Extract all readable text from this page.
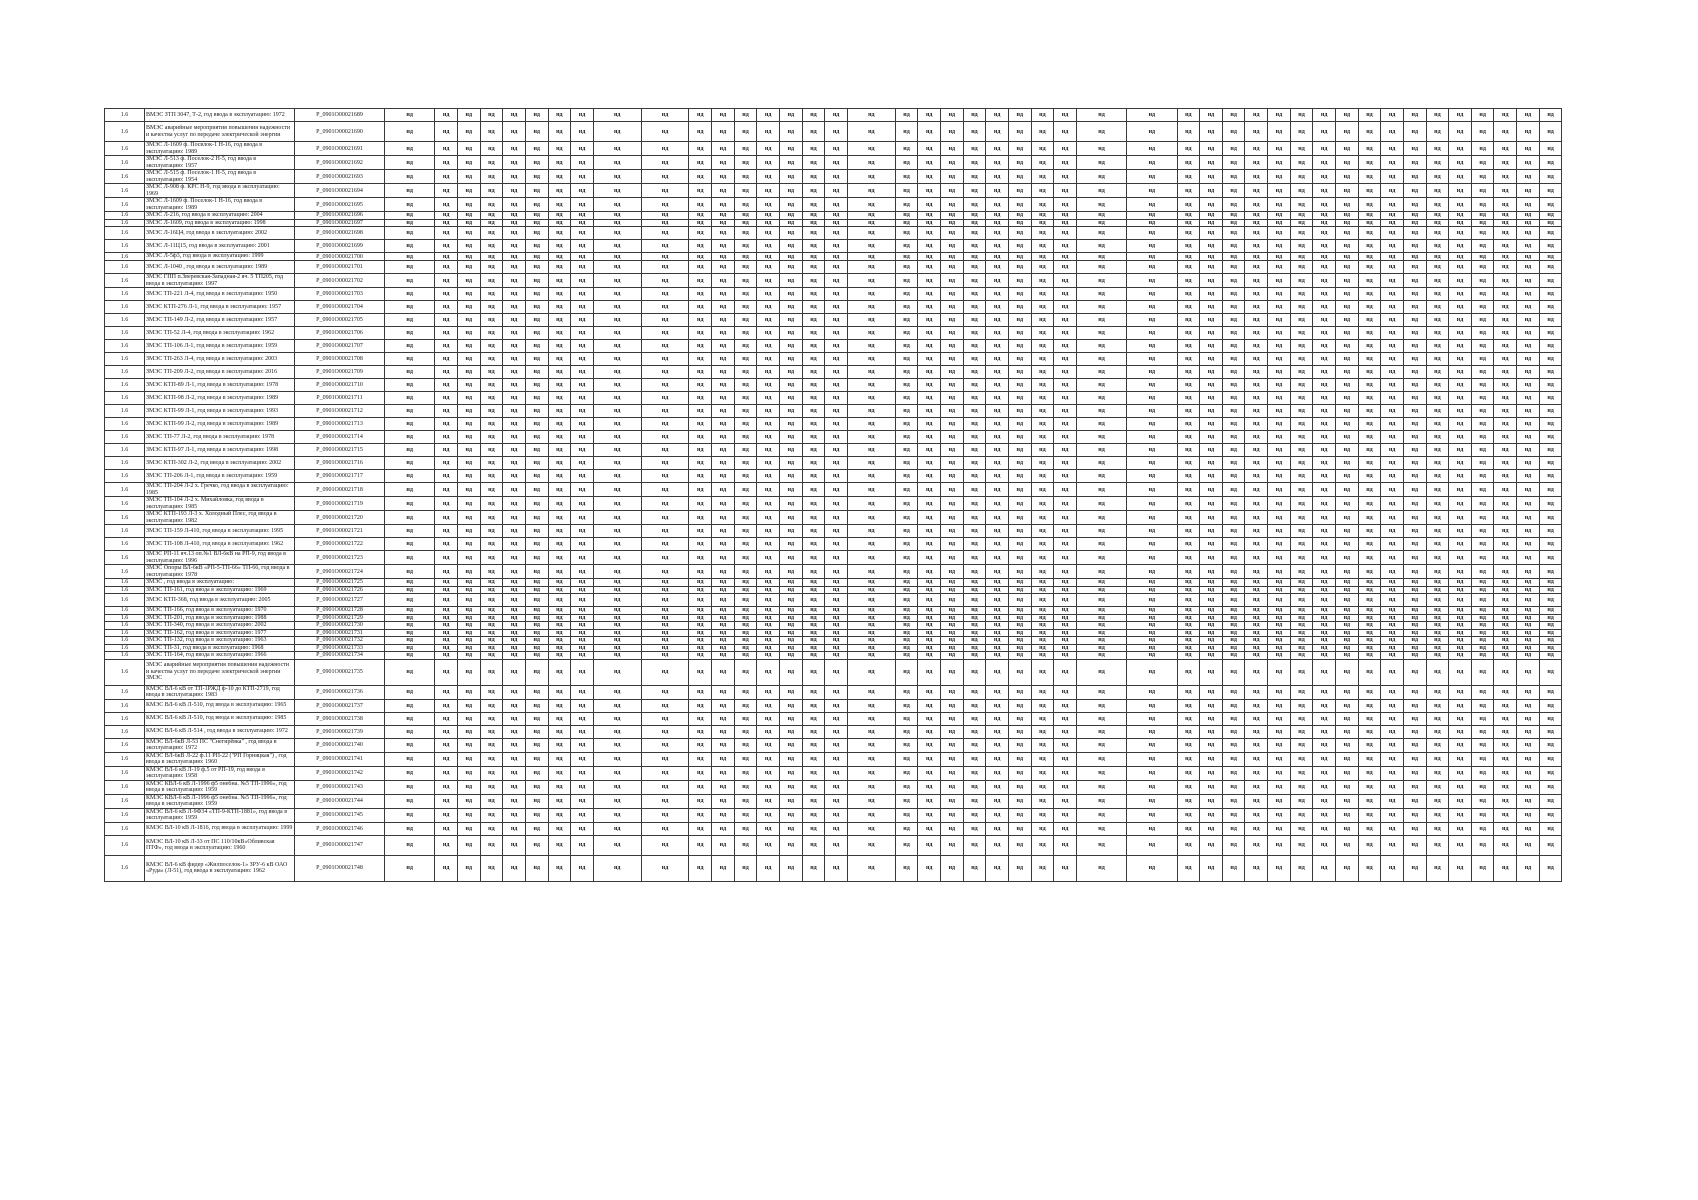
1.6	ВМЭС ЗТП 3047, Т-2, год ввода в эксплуатацию: 1972	P_0901O00021689	нд	нд	нд	нд	нд	нд	нд	нд	нд	нд	нд	нд	нд	нд	нд	нд	нд	нд	нд	нд	нд	нд	нд	нд	нд	нд	нд	нд	нд	нд	нд	нд	нд	нд	нд	нд	нд	нд	нд	нд	нд	нд	нд	нд	нд
1.6	ВМЭС аварийные мероприятия повышения надежности и качества услуг по передаче электрической энергии	P_0901O00021690	нд	нд	нд	нд	нд	нд	нд	нд	нд	нд	нд	нд	нд	нд	нд	нд	нд	нд	нд	нд	нд	нд	нд	нд	нд	нд	нд	нд	нд	нд	нд	нд	нд	нд	нд	нд	нд	нд	нд	нд	нд	нд	нд	нд	нд
1.6	ЗМЭС Л-1609 ф. Посвлок-1 Н-16, год ввода в эксплуатацию: 1989	P_0901O00021691	нд	нд	нд	нд	нд	нд	нд	нд	нд	нд	нд	нд	нд	нд	нд	нд	нд	нд	нд	нд	нд	нд	нд	нд	нд	нд	нд	нд	нд	нд	нд	нд	нд	нд	нд	нд	нд	нд	нд	нд	нд	нд	нд	нд	нд
1.6	ЗМЭС Л-513 ф. Поселок-2 Н-5, год ввода в эксплуатацию: 1957	P_0901O00021692	нд	нд	нд	нд	нд	нд	нд	нд	нд	нд	нд	нд	нд	нд	нд	нд	нд	нд	нд	нд	нд	нд	нд	нд	нд	нд	нд	нд	нд	нд	нд	нд	нд	нд	нд	нд	нд	нд	нд	нд	нд	нд	нд	нд	нд
1.6	ЗМЭС Л-515 ф. Поселок-1 Н-5, год ввода в эксплуатацию: 1954	P_0901O00021693	нд	нд	нд	нд	нд	нд	нд	нд	нд	нд	нд	нд	нд	нд	нд	нд	нд	нд	нд	нд	нд	нд	нд	нд	нд	нд	нд	нд	нд	нд	нд	нд	нд	нд	нд	нд	нд	нд	нд	нд	нд	нд	нд	нд	нд
1.6	ЗМЭС Л-908 ф. КРС Н-9, год ввода в эксплуатацию: 1969	P_0901O00021694	нд	нд	нд	нд	нд	нд	нд	нд	нд	нд	нд	нд	нд	нд	нд	нд	нд	нд	нд	нд	нд	нд	нд	нд	нд	нд	нд	нд	нд	нд	нд	нд	нд	нд	нд	нд	нд	нд	нд	нд	нд	нд	нд	нд	нд
1.6	ЗМЭС Л-1609 ф. Поселок-1 Н-16, год ввода в эксплуатацию: 1989	P_0901O00021695	нд	нд	нд	нд	нд	нд	нд	нд	нд	нд	нд	нд	нд	нд	нд	нд	нд	нд	нд	нд	нд	нд	нд	нд	нд	нд	нд	нд	нд	нд	нд	нд	нд	нд	нд	нд	нд	нд	нд	нд	нд	нд	нд	нд	нд
1.6	ЗМЭС Л-216, год ввода в эксплуатацию: 2004	P_0901O00021696	нд	нд	нд	нд	нд	нд	нд	нд	нд	нд	нд	нд	нд	нд	нд	нд	нд	нд	нд	нд	нд	нд	нд	нд	нд	нд	нд	нд	нд	нд	нд	нд	нд	нд	нд	нд	нд	нд	нд	нд	нд	нд	нд	нд	нд
1.6	ЗМЭС Л-1609, год ввода в эксплуатацию: 1998	P_0901O00021697	нд	нд	нд	нд	нд	нд	нд	нд	нд	нд	нд	нд	нд	нд	нд	нд	нд	нд	нд	нд	нд	нд	нд	нд	нд	нд	нд	нд	нд	нд	нд	нд	нд	нд	нд	нд	нд	нд	нд	нд	нд	нд	нд	нд	нд
1.6	ЗМЭС Л-16Ц4, год ввода в эксплуатацию: 2002	P_0901O00021698	нд	нд	нд	нд	нд	нд	нд	нд	нд	нд	нд	нд	нд	нд	нд	нд	нд	нд	нд	нд	нд	нд	нд	нд	нд	нд	нд	нд	нд	нд	нд	нд	нд	нд	нд	нд	нд	нд	нд	нд	нд	нд	нд	нд	нд
1.6	ЗМЭС Л-11Ц15, год ввода в эксплуатацию: 2001	P_0901O00021699	нд	нд	нд	нд	нд	нд	нд	нд	нд	нд	нд	нд	нд	нд	нд	нд	нд	нд	нд	нд	нд	нд	нд	нд	нд	нд	нд	нд	нд	нд	нд	нд	нд	нд	нд	нд	нд	нд	нд	нд	нд	нд	нд	нд	нд
1.6	ЗМЭС Л-5ф3, год ввода в эксплуатацию: 1999	P_0901O00021700	нд	нд	нд	нд	нд	нд	нд	нд	нд	нд	нд	нд	нд	нд	нд	нд	нд	нд	нд	нд	нд	нд	нд	нд	нд	нд	нд	нд	нд	нд	нд	нд	нд	нд	нд	нд	нд	нд	нд	нд	нд	нд	нд	нд	нд
1.6	ЗМЭС Л-1040 , год ввода в эксплуатацию: 1989	P_0901O00021701	нд	нд	нд	нд	нд	нд	нд	нд	нд	нд	нд	нд	нд	нд	нд	нд	нд	нд	нд	нд	нд	нд	нд	нд	нд	нд	нд	нд	нд	нд	нд	нд	нд	нд	нд	нд	нд	нд	нд	нд	нд	нд	нд	нд	нд
1.6	ЗМЭС ГПП п.Зверевская-Западная-2 яч. 5 ТП205, год ввода в эксплуатацию: 1997	P_0901O00021702	нд	нд	нд	нд	нд	нд	нд	нд	нд	нд	нд	нд	нд	нд	нд	нд	нд	нд	нд	нд	нд	нд	нд	нд	нд	нд	нд	нд	нд	нд	нд	нд	нд	нд	нд	нд	нд	нд	нд	нд	нд	нд	нд	нд	нд
1.6	ЗМЭС ТП-221 Л-4, год ввода в эксплуатацию: 1950	P_0901O00021703	нд	нд	нд	нд	нд	нд	нд	нд	нд	нд	нд	нд	нд	нд	нд	нд	нд	нд	нд	нд	нд	нд	нд	нд	нд	нд	нд	нд	нд	нд	нд	нд	нд	нд	нд	нд	нд	нд	нд	нд	нд	нд	нд	нд	нд
1.6	ЗМЭС КТП-276 Л-1, год ввода в эксплуатацию: 1957	P_0901O00021704	нд	нд	нд	нд	нд	нд	нд	нд	нд	нд	нд	нд	нд	нд	нд	нд	нд	нд	нд	нд	нд	нд	нд	нд	нд	нд	нд	нд	нд	нд	нд	нд	нд	нд	нд	нд	нд	нд	нд	нд	нд	нд	нд	нд	нд
1.6	ЗМЭС ТП-149 Л-2, год ввода в эксплуатацию: 1957	P_0901O00021705	нд	нд	нд	нд	нд	нд	нд	нд	нд	нд	нд	нд	нд	нд	нд	нд	нд	нд	нд	нд	нд	нд	нд	нд	нд	нд	нд	нд	нд	нд	нд	нд	нд	нд	нд	нд	нд	нд	нд	нд	нд	нд	нд	нд	нд
1.6	ЗМЭС ТП-52 Л-4, год ввода в эксплуатацию: 1962	P_0901O00021706	нд	нд	нд	нд	нд	нд	нд	нд	нд	нд	нд	нд	нд	нд	нд	нд	нд	нд	нд	нд	нд	нд	нд	нд	нд	нд	нд	нд	нд	нд	нд	нд	нд	нд	нд	нд	нд	нд	нд	нд	нд	нд	нд	нд	нд
1.6	ЗМЭС ТП-106 Л-1, год ввода в эксплуатацию: 1959	P_0901O00021707	нд	нд	нд	нд	нд	нд	нд	нд	нд	нд	нд	нд	нд	нд	нд	нд	нд	нд	нд	нд	нд	нд	нд	нд	нд	нд	нд	нд	нд	нд	нд	нд	нд	нд	нд	нд	нд	нд	нд	нд	нд	нд	нд	нд	нд
1.6	ЗМЭС ТП-263 Л-4, год ввода в эксплуатацию: 2003	P_0901O00021708	нд	нд	нд	нд	нд	нд	нд	нд	нд	нд	нд	нд	нд	нд	нд	нд	нд	нд	нд	нд	нд	нд	нд	нд	нд	нд	нд	нд	нд	нд	нд	нд	нд	нд	нд	нд	нд	нд	нд	нд	нд	нд	нд	нд	нд
1.6	ЗМЭС ТП-209 Л-2, год ввода в эксплуатацию: 2016	P_0901O00021709	нд	нд	нд	нд	нд	нд	нд	нд	нд	нд	нд	нд	нд	нд	нд	нд	нд	нд	нд	нд	нд	нд	нд	нд	нд	нд	нд	нд	нд	нд	нд	нд	нд	нд	нд	нд	нд	нд	нд	нд	нд	нд	нд	нд	нд
1.6	ЗМЭС КТП-89 Л-1, год ввода в эксплуатацию: 1978	P_0901O00021710	нд	нд	нд	нд	нд	нд	нд	нд	нд	нд	нд	нд	нд	нд	нд	нд	нд	нд	нд	нд	нд	нд	нд	нд	нд	нд	нд	нд	нд	нд	нд	нд	нд	нд	нд	нд	нд	нд	нд	нд	нд	нд	нд	нд	нд
1.6	ЗМЭС КТП-98 Л-2, год ввода в эксплуатацию: 1989	P_0901O00021711	нд	нд	нд	нд	нд	нд	нд	нд	нд	нд	нд	нд	нд	нд	нд	нд	нд	нд	нд	нд	нд	нд	нд	нд	нд	нд	нд	нд	нд	нд	нд	нд	нд	нд	нд	нд	нд	нд	нд	нд	нд	нд	нд	нд	нд
1.6	ЗМЭС КТП-99 Л-1, год ввода в эксплуатацию: 1993	P_0901O00021712	нд	нд	нд	нд	нд	нд	нд	нд	нд	нд	нд	нд	нд	нд	нд	нд	нд	нд	нд	нд	нд	нд	нд	нд	нд	нд	нд	нд	нд	нд	нд	нд	нд	нд	нд	нд	нд	нд	нд	нд	нд	нд	нд	нд	нд
1.6	ЗМЭС КТП-99 Л-2, год ввода в эксплуатацию: 1989	P_0901O00021713	нд	нд	нд	нд	нд	нд	нд	нд	нд	нд	нд	нд	нд	нд	нд	нд	нд	нд	нд	нд	нд	нд	нд	нд	нд	нд	нд	нд	нд	нд	нд	нд	нд	нд	нд	нд	нд	нд	нд	нд	нд	нд	нд	нд	нд
1.6	ЗМЭС ТП-77 Л-2, год ввода в эксплуатацию: 1978	P_0901O00021714	нд	нд	нд	нд	нд	нд	нд	нд	нд	нд	нд	нд	нд	нд	нд	нд	нд	нд	нд	нд	нд	нд	нд	нд	нд	нд	нд	нд	нд	нд	нд	нд	нд	нд	нд	нд	нд	нд	нд	нд	нд	нд	нд	нд	нд
1.6	ЗМЭС КТП-97 Л-1, год ввода в эксплуатацию: 1998	P_0901O00021715	нд	нд	нд	нд	нд	нд	нд	нд	нд	нд	нд	нд	нд	нд	нд	нд	нд	нд	нд	нд	нд	нд	нд	нд	нд	нд	нд	нд	нд	нд	нд	нд	нд	нд	нд	нд	нд	нд	нд	нд	нд	нд	нд	нд	нд
1.6	ЗМЭС КТП-302 Л-2, год ввода в эксплуатацию: 2002	P_0901O00021716	нд	нд	нд	нд	нд	нд	нд	нд	нд	нд	нд	нд	нд	нд	нд	нд	нд	нд	нд	нд	нд	нд	нд	нд	нд	нд	нд	нд	нд	нд	нд	нд	нд	нд	нд	нд	нд	нд	нд	нд	нд	нд	нд	нд	нд
1.6	ЗМЭС ТП-206 Л-1, год ввода в эксплуатацию: 1959	P_0901O00021717	нд	нд	нд	нд	нд	нд	нд	нд	нд	нд	нд	нд	нд	нд	нд	нд	нд	нд	нд	нд	нд	нд	нд	нд	нд	нд	нд	нд	нд	нд	нд	нд	нд	нд	нд	нд	нд	нд	нд	нд	нд	нд	нд	нд	нд
1.6	ЗМЭС ТП-204 Л-2 х. Гречко, год ввода в эксплуатацию: 1985	P_0901O00021718	нд	нд	нд	нд	нд	нд	нд	нд	нд	нд	нд	нд	нд	нд	нд	нд	нд	нд	нд	нд	нд	нд	нд	нд	нд	нд	нд	нд	нд	нд	нд	нд	нд	нд	нд	нд	нд	нд	нд	нд	нд	нд	нд	нд	нд
1.6	ЗМЭС ТП-104 Л-2 х. Михайловка, год ввода в эксплуатацию: 1985	P_0901O00021719	нд	нд	нд	нд	нд	нд	нд	нд	нд	нд	нд	нд	нд	нд	нд	нд	нд	нд	нд	нд	нд	нд	нд	нд	нд	нд	нд	нд	нд	нд	нд	нд	нд	нд	нд	нд	нд	нд	нд	нд	нд	нд	нд	нд	нд
1.6	ЗМЭС КТП-193 Л-3 х. Холодный Плес, год ввода в эксплуатацию: 1982	P_0901O00021720	нд	нд	нд	нд	нд	нд	нд	нд	нд	нд	нд	нд	нд	нд	нд	нд	нд	нд	нд	нд	нд	нд	нд	нд	нд	нд	нд	нд	нд	нд	нд	нд	нд	нд	нд	нд	нд	нд	нд	нд	нд	нд	нд	нд	нд
1.6	ЗМЭС ТП-159 Л-410, год ввода в эксплуатацию: 1995	P_0901O00021721	нд	нд	нд	нд	нд	нд	нд	нд	нд	нд	нд	нд	нд	нд	нд	нд	нд	нд	нд	нд	нд	нд	нд	нд	нд	нд	нд	нд	нд	нд	нд	нд	нд	нд	нд	нд	нд	нд	нд	нд	нд	нд	нд	нд	нд
1.6	ЗМЭС ТП-108 Л-410, год ввода в эксплуатацию: 1962	P_0901O00021722	нд	нд	нд	нд	нд	нд	нд	нд	нд	нд	нд	нд	нд	нд	нд	нд	нд	нд	нд	нд	нд	нд	нд	нд	нд	нд	нд	нд	нд	нд	нд	нд	нд	нд	нд	нд	нд	нд	нд	нд	нд	нд	нд	нд	нд
1.6	ЗМЭС РП-11 яч.13 оп.№1 ВЛ-6кВ на РП-9, год ввода в эксплуатацию: 1996	P_0901O00021723	нд	нд	нд	нд	нд	нд	нд	нд	нд	нд	нд	нд	нд	нд	нд	нд	нд	нд	нд	нд	нд	нд	нд	нд	нд	нд	нд	нд	нд	нд	нд	нд	нд	нд	нд	нд	нд	нд	нд	нд	нд	нд	нд	нд	нд
1.6	ЗМЭС Опоры ВЛ-6кВ «РП-5-ТП-66» ТП-66, год ввода в эксплуатацию: 1978	P_0901O00021724	нд	нд	нд	нд	нд	нд	нд	нд	нд	нд	нд	нд	нд	нд	нд	нд	нд	нд	нд	нд	нд	нд	нд	нд	нд	нд	нд	нд	нд	нд	нд	нд	нд	нд	нд	нд	нд	нд	нд	нд	нд	нд	нд	нд	нд
1.6	ЗМЭС , год ввода в эксплуатацию:	P_0901O00021725	нд	нд	нд	нд	нд	нд	нд	нд	нд	нд	нд	нд	нд	нд	нд	нд	нд	нд	нд	нд	нд	нд	нд	нд	нд	нд	нд	нд	нд	нд	нд	нд	нд	нд	нд	нд	нд	нд	нд	нд	нд	нд	нд	нд	нд
1.6	ЗМЭС ТП-161, год ввода в эксплуатацию: 1969	P_0901O00021726	нд	нд	нд	нд	нд	нд	нд	нд	нд	нд	нд	нд	нд	нд	нд	нд	нд	нд	нд	нд	нд	нд	нд	нд	нд	нд	нд	нд	нд	нд	нд	нд	нд	нд	нд	нд	нд	нд	нд	нд	нд	нд	нд	нд	нд
1.6	ЗМЭС КТП-368, год ввода в эксплуатацию: 2005	P_0901O00021727	нд	нд	нд	нд	нд	нд	нд	нд	нд	нд	нд	нд	нд	нд	нд	нд	нд	нд	нд	нд	нд	нд	нд	нд	нд	нд	нд	нд	нд	нд	нд	нд	нд	нд	нд	нд	нд	нд	нд	нд	нд	нд	нд	нд	нд
1.6	ЗМЭС ТП-166, год ввода в эксплуатацию: 1970	P_0901O00021728	нд	нд	нд	нд	нд	нд	нд	нд	нд	нд	нд	нд	нд	нд	нд	нд	нд	нд	нд	нд	нд	нд	нд	нд	нд	нд	нд	нд	нд	нд	нд	нд	нд	нд	нд	нд	нд	нд	нд	нд	нд	нд	нд	нд	нд
1.6	ЗМЭС ТП-201, год ввода в эксплуатацию: 1988	P_0901O00021729	нд	нд	нд	нд	нд	нд	нд	нд	нд	нд	нд	нд	нд	нд	нд	нд	нд	нд	нд	нд	нд	нд	нд	нд	нд	нд	нд	нд	нд	нд	нд	нд	нд	нд	нд	нд	нд	нд	нд	нд	нд	нд	нд	нд	нд
1.6	ЗМЭС ТП-340, год ввода в эксплуатацию: 2002	P_0901O00021730	нд	нд	нд	нд	нд	нд	нд	нд	нд	нд	нд	нд	нд	нд	нд	нд	нд	нд	нд	нд	нд	нд	нд	нд	нд	нд	нд	нд	нд	нд	нд	нд	нд	нд	нд	нд	нд	нд	нд	нд	нд	нд	нд	нд	нд
1.6	ЗМЭС ТП-162, год ввода в эксплуатацию: 1977	P_0901O00021731	нд	нд	нд	нд	нд	нд	нд	нд	нд	нд	нд	нд	нд	нд	нд	нд	нд	нд	нд	нд	нд	нд	нд	нд	нд	нд	нд	нд	нд	нд	нд	нд	нд	нд	нд	нд	нд	нд	нд	нд	нд	нд	нд	нд	нд
1.6	ЗМЭС ТП-132, год ввода в эксплуатацию: 1963	P_0901O00021732	нд	нд	нд	нд	нд	нд	нд	нд	нд	нд	нд	нд	нд	нд	нд	нд	нд	нд	нд	нд	нд	нд	нд	нд	нд	нд	нд	нд	нд	нд	нд	нд	нд	нд	нд	нд	нд	нд	нд	нд	нд	нд	нд	нд	нд
1.6	ЗМЭС ТП-31, год ввода в эксплуатацию: 1968	P_0901O00021733	нд	нд	нд	нд	нд	нд	нд	нд	нд	нд	нд	нд	нд	нд	нд	нд	нд	нд	нд	нд	нд	нд	нд	нд	нд	нд	нд	нд	нд	нд	нд	нд	нд	нд	нд	нд	нд	нд	нд	нд	нд	нд	нд	нд	нд
1.6	ЗМЭС ТП-164, год ввода в эксплуатацию: 1966	P_0901O00021734	нд	нд	нд	нд	нд	нд	нд	нд	нд	нд	нд	нд	нд	нд	нд	нд	нд	нд	нд	нд	нд	нд	нд	нд	нд	нд	нд	нд	нд	нд	нд	нд	нд	нд	нд	нд	нд	нд	нд	нд	нд	нд	нд	нд	нд
1.6	ЗМЭС аварийные мероприятия повышения надежности и качества услуг по передаче электрической энергии ЗМЭС	P_0901O00021735	нд	нд	нд	нд	нд	нд	нд	нд	нд	нд	нд	нд	нд	нд	нд	нд	нд	нд	нд	нд	нд	нд	нд	нд	нд	нд	нд	нд	нд	нд	нд	нд	нд	нд	нд	нд	нд	нд	нд	нд	нд	нд	нд	нд	нд
1.6	КМЭС ВЛ-6 кВ от ТП-1РЖД ф-10 до КТП-2719, год ввода в эксплуатацию: 1983	P_0901O00021736	нд	нд	нд	нд	нд	нд	нд	нд	нд	нд	нд	нд	нд	нд	нд	нд	нд	нд	нд	нд	нд	нд	нд	нд	нд	нд	нд	нд	нд	нд	нд	нд	нд	нд	нд	нд	нд	нд	нд	нд	нд	нд	нд	нд	нд
1.6	КМЭС ВЛ-6 кВ Л-510, год ввода в эксплуатацию: 1965	P_0901O00021737	нд	нд	нд	нд	нд	нд	нд	нд	нд	нд	нд	нд	нд	нд	нд	нд	нд	нд	нд	нд	нд	нд	нд	нд	нд	нд	нд	нд	нд	нд	нд	нд	нд	нд	нд	нд	нд	нд	нд	нд	нд	нд	нд	нд	нд
1.6	КМЭС ВЛ-6 кВ Л-510, год ввода в эксплуатацию: 1985	P_0901O00021738	нд	нд	нд	нд	нд	нд	нд	нд	нд	нд	нд	нд	нд	нд	нд	нд	нд	нд	нд	нд	нд	нд	нд	нд	нд	нд	нд	нд	нд	нд	нд	нд	нд	нд	нд	нд	нд	нд	нд	нд	нд	нд	нд	нд	нд
1.6	КМЭС ВЛ-6 кВ Л-514 , год ввода в эксплуатацию: 1972	P_0901O00021739	нд	нд	нд	нд	нд	нд	нд	нд	нд	нд	нд	нд	нд	нд	нд	нд	нд	нд	нд	нд	нд	нд	нд	нд	нд	нд	нд	нд	нд	нд	нд	нд	нд	нд	нд	нд	нд	нд	нд	нд	нд	нд	нд	нд	нд
1.6	КМЭС ВЛ-6кВ Л-53 ПС "Снегирёвка" , год ввода в эксплуатацию: 1972	P_0901O00021740	нд	нд	нд	нд	нд	нд	нд	нд	нд	нд	нд	нд	нд	нд	нд	нд	нд	нд	нд	нд	нд	нд	нд	нд	нд	нд	нд	нд	нд	нд	нд	нд	нд	нд	нд	нд	нд	нд	нд	нд	нд	нд	нд	нд	нд
1.6	КМЭС ВЛ-6кВ Л-22 ф.11 РП-22 ("РП Горняцкая") , год ввода в эксплуатацию: 1960	P_0901O00021741	нд	нд	нд	нд	нд	нд	нд	нд	нд	нд	нд	нд	нд	нд	нд	нд	нд	нд	нд	нд	нд	нд	нд	нд	нд	нд	нд	нд	нд	нд	нд	нд	нд	нд	нд	нд	нд	нд	нд	нд	нд	нд	нд	нд	нд
1.6	КМЭС ВЛ-6 кВ Л-19 ф.5 от РП-19, год ввода в эксплуатацию: 1958	P_0901O00021742	нд	нд	нд	нд	нд	нд	нд	нд	нд	нд	нд	нд	нд	нд	нд	нд	нд	нд	нд	нд	нд	нд	нд	нд	нд	нд	нд	нд	нд	нд	нд	нд	нд	нд	нд	нд	нд	нд	нд	нд	нд	нд	нд	нд	нд
1.6	КМЭС КВЛ-6 кВ Л-1996 ф5 онебна. №5 ТП-1996», год ввода в эксплуатацию: 1959	P_0901O00021743	нд	нд	нд	нд	нд	нд	нд	нд	нд	нд	нд	нд	нд	нд	нд	нд	нд	нд	нд	нд	нд	нд	нд	нд	нд	нд	нд	нд	нд	нд	нд	нд	нд	нд	нд	нд	нд	нд	нд	нд	нд	нд	нд	нд	нд
1.6	КМЭС КВЛ-6 кВ Л-1996 ф5 онебна. №5 ТП-1996», год ввода в эксплуатацию: 1959	P_0901O00021744	нд	нд	нд	нд	нд	нд	нд	нд	нд	нд	нд	нд	нд	нд	нд	нд	нд	нд	нд	нд	нд	нд	нд	нд	нд	нд	нд	нд	нд	нд	нд	нд	нд	нд	нд	нд	нд	нд	нд	нд	нд	нд	нд	нд	нд
1.6	КМЭС ВЛ-6 кВ Л-9Ф34 «ТП-9-КТП-1881», год ввода в эксплуатацию: 1959	P_0901O00021745	нд	нд	нд	нд	нд	нд	нд	нд	нд	нд	нд	нд	нд	нд	нд	нд	нд	нд	нд	нд	нд	нд	нд	нд	нд	нд	нд	нд	нд	нд	нд	нд	нд	нд	нд	нд	нд	нд	нд	нд	нд	нд	нд	нд	нд
1.6	КМЭС ВЛ-10 кВ Л-1816, год ввода в эксплуатацию: 1999	P_0901O00021746	нд	нд	нд	нд	нд	нд	нд	нд	нд	нд	нд	нд	нд	нд	нд	нд	нд	нд	нд	нд	нд	нд	нд	нд	нд	нд	нд	нд	нд	нд	нд	нд	нд	нд	нд	нд	нд	нд	нд	нд	нд	нд	нд	нд	нд
1.6	КМЭС ВЛ-10 кВ Л-33 от ПС 110/10кВ«Обливская ПТФ», год ввода в эксплуатацию: 1960	P_0901O00021747	нд	нд	нд	нд	нд	нд	нд	нд	нд	нд	нд	нд	нд	нд	нд	нд	нд	нд	нд	нд	нд	нд	нд	нд	нд	нд	нд	нд	нд	нд	нд	нд	нд	нд	нд	нд	нд	нд	нд	нд	нд	нд	нд	нд	нд
1.6	КМЭС ВЛ-6 кВ фидер «Жилпоселок-1» ЗРУ-6 кВ ОАО «Руда» (Л-51), год ввода в эксплуатацию: 1962	P_0901O00021748	нд	нд	нд	нд	нд	нд	нд	нд	нд	нд	нд	нд	нд	нд	нд	нд	нд	нд	нд	нд	нд	нд	нд	нд	нд	нд	нд	нд	нд	нд	нд	нд	нд	нд	нд	нд	нд	нд	нд	нд	нд	нд	нд	нд	нд
